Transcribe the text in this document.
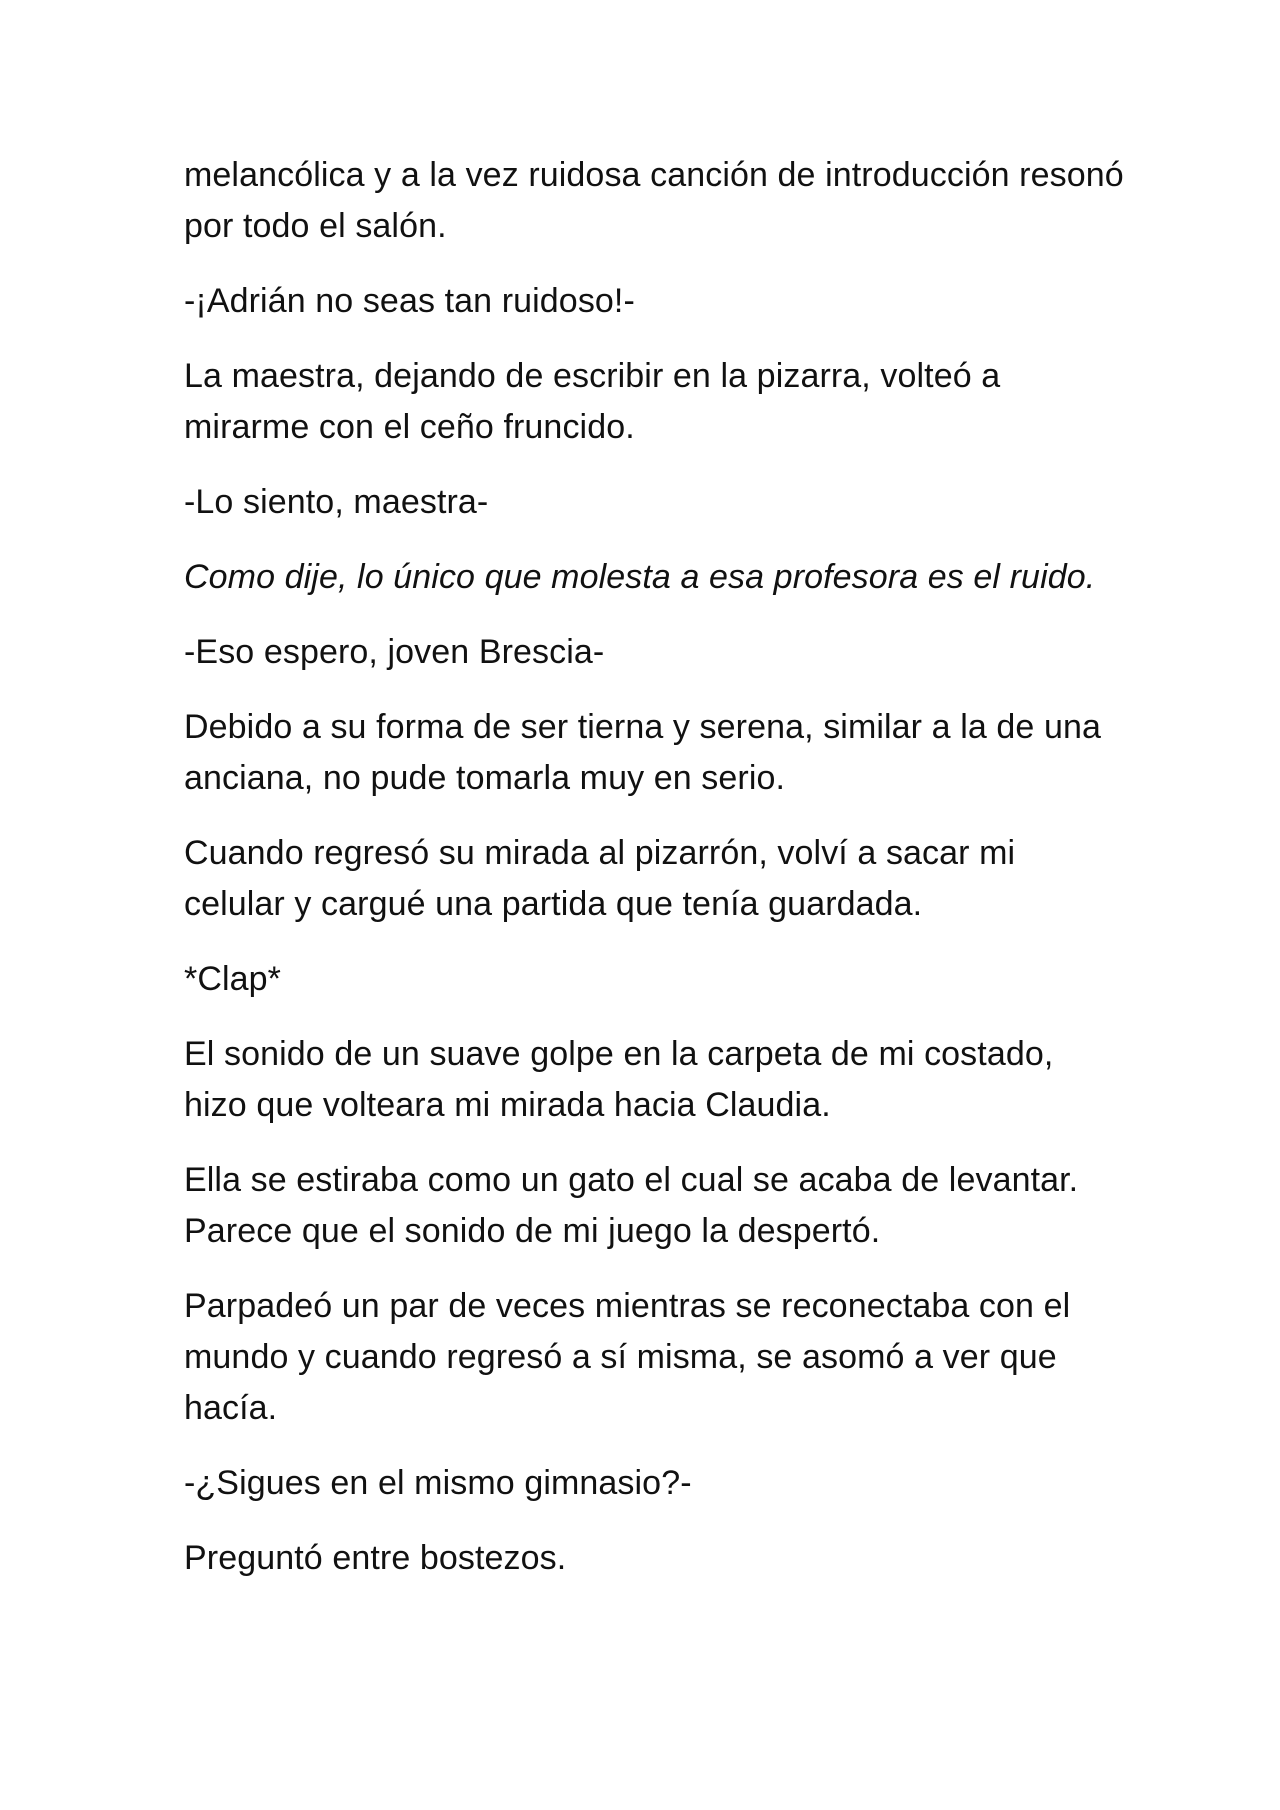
melancólica y a la vez ruidosa canción de introducción resonó por todo el salón.

-¡Adrián no seas tan ruidoso!-

La maestra, dejando de escribir en la pizarra, volteó a mirarme con el ceño fruncido.

-Lo siento, maestra-

Como dije, lo único que molesta a esa profesora es el ruido.

-Eso espero, joven Brescia-

Debido a su forma de ser tierna y serena, similar a la de una anciana, no pude tomarla muy en serio.

Cuando regresó su mirada al pizarrón, volví a sacar mi celular y cargué una partida que tenía guardada.

*Clap*

El sonido de un suave golpe en la carpeta de mi costado, hizo que volteara mi mirada hacia Claudia.

Ella se estiraba como un gato el cual se acaba de levantar. Parece que el sonido de mi juego la despertó.

Parpadeó un par de veces mientras se reconectaba con el mundo y cuando regresó a sí misma, se asomó a ver que hacía.

-¿Sigues en el mismo gimnasio?-

Preguntó entre bostezos.
